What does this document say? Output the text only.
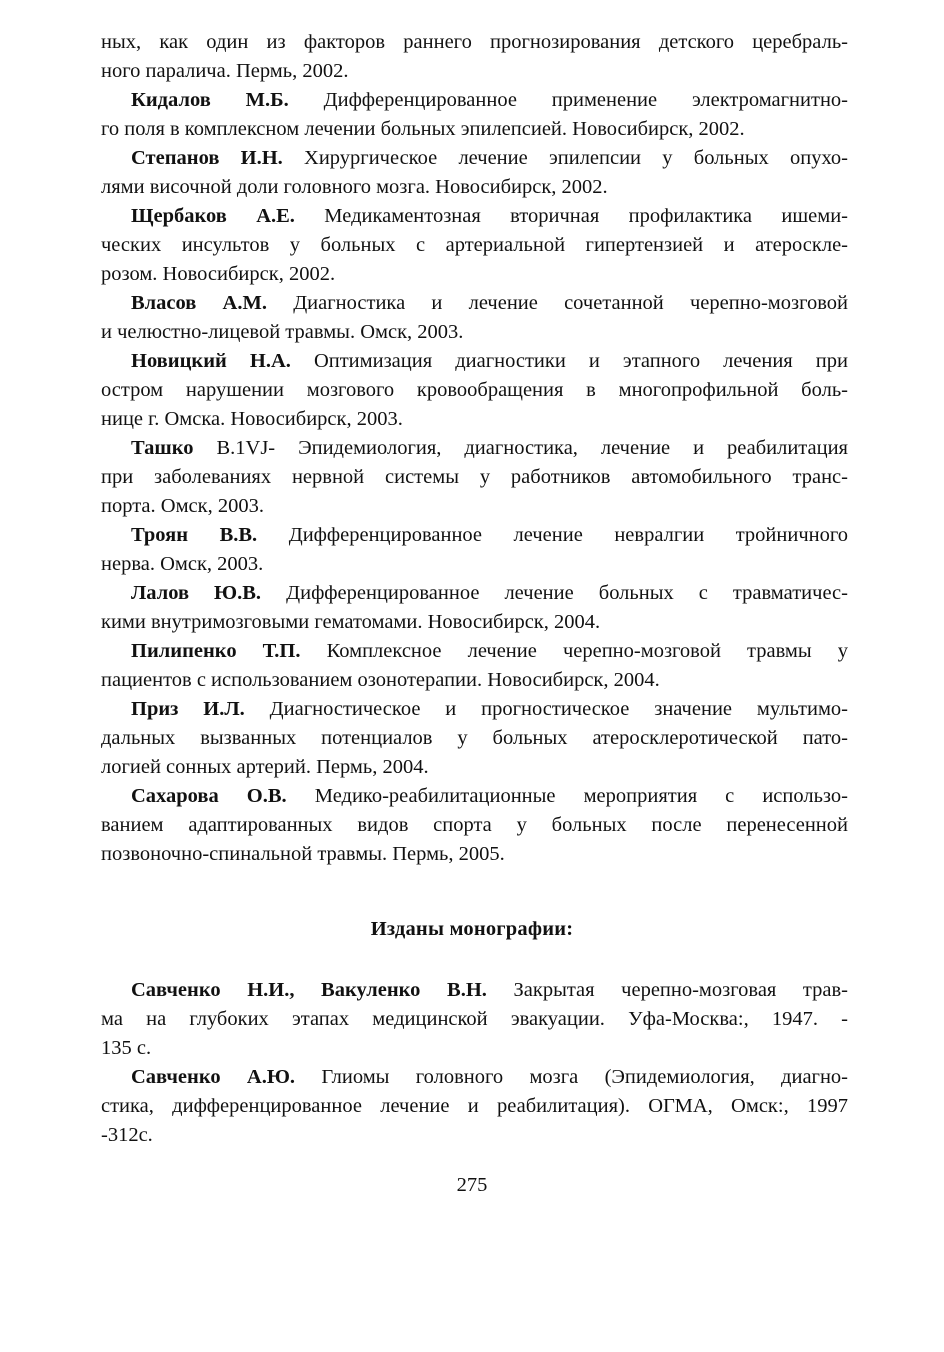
ных, как один из факторов раннего прогнозирования детского церебраль-
ного паралича. Пермь, 2002.
Кидалов М.Б. Дифференцированное применение электромагнитно-
го поля в комплексном лечении больных эпилепсией. Новосибирск, 2002.
Степанов И.Н. Хирургическое лечение эпилепсии у больных опухо-
лями височной доли головного мозга. Новосибирск, 2002.
Щербаков А.Е. Медикаментозная вторичная профилактика ишеми-
ческих инсультов у больных с артериальной гипертензией и атероскле-
розом. Новосибирск, 2002.
Власов А.М. Диагностика и лечение сочетанной черепно-мозговой
и челюстно-лицевой травмы. Омск, 2003.
Новицкий Н.А. Оптимизация диагностики и этапного лечения при
остром нарушении мозгового кровообращения в многопрофильной боль-
нице г. Омска. Новосибирск, 2003.
Ташко B.1VJ- Эпидемиология, диагностика, лечение и реабилитация
при заболеваниях нервной системы у работников автомобильного транс-
порта. Омск, 2003.
Троян В.В. Дифференцированное лечение невралгии тройничного
нерва. Омск, 2003.
Лалов Ю.В. Дифференцированное лечение больных с травматичес-
кими внутримозговыми гематомами. Новосибирск, 2004.
Пилипенко Т.П. Комплексное лечение черепно-мозговой травмы у
пациентов с использованием озонотерапии. Новосибирск, 2004.
Приз И.Л. Диагностическое и прогностическое значение мультимо-
дальных вызванных потенциалов у больных атеросклеротической пато-
логией сонных артерий. Пермь, 2004.
Сахарова О.В. Медико-реабилитационные мероприятия с использо-
ванием адаптированных видов спорта у больных после перенесенной
позвоночно-спинальной травмы. Пермь, 2005.
Изданы монографии:
Савченко Н.И., Вакуленко В.Н. Закрытая черепно-мозговая трав-
ма на глубоких этапах медицинской эвакуации. Уфа-Москва:, 1947. -
135 с.
Савченко А.Ю. Глиомы головного мозга (Эпидемиология, диагно-
стика, дифференцированное лечение и реабилитация). ОГМА, Омск:, 1997
-312с.
275
